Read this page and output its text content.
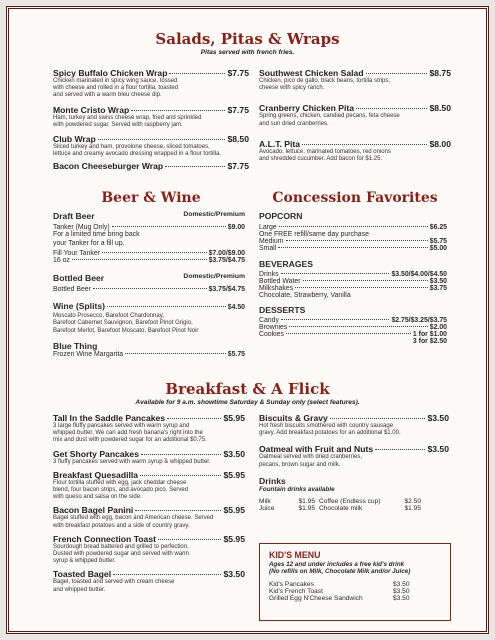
Salads, Pitas & Wraps
Pitas served with french fries.
Spicy Buffalo Chicken Wrap	$7.75
Chicken marinated in spicy wing sauce, tossed
with cheese and rolled in a flour tortilla, toasted
and served with a warm bleu cheese dip.
Monte Cristo Wrap	$7.75
Ham, turkey and swiss cheese wrap, fried and sprinkled
with powdered sugar. Served with raspberry jam.
Club Wrap	$8.50
Sliced turkey and ham, provolone cheese, sliced tomatoes,
lettuce and creamy avocado dressing wrapped in a flour tortilla.
Bacon Cheeseburger Wrap	$7.75
Southwest Chicken Salad	$8.75
Chicken, pico de gallo, black beans, tortilla strips,
cheese with spicy ranch.
Cranberry Chicken Pita	$8.50
Spring greens, chicken, candied pecans, feta cheese
and sun dried cranberries.
A.L.T. Pita	$8.00
Avocado, lettuce, marinated tomatoes, red onions
and shredded cucumber. Add bacon for $1.25.
Beer & Wine
Draft Beer	Domestic/Premium
Tanker (Mug Only)	$9.00
For a limited time bring back
your Tanker for a fill up.
Fill Your Tanker	$7.00/$9.00
16 oz	$3.75/$4.75
Bottled Beer	Domestic/Premium
Bottled Beer	$3.75/$4.75
Wine (Splits)	$4.50
Moscato Prosecco, Barefoot Chardonnay,
Barefoot Cabernet Sauvignon, Barefoot Pinot Grigio,
Barefoot Merlot, Barefoot Moscato, Barefoot Pinot Noir
Blue Thing
Frozen Wine Margarita	$5.75
Concession Favorites
POPCORN
Large	$6.25
One FREE refill/same day purchase
Medium	$5.75
Small	$5.00
BEVERAGES
Drinks	$3.50/$4.00/$4.50
Bottled Water	$3.50
Milkshakes	$3.75
Chocolate, Strawberry, Vanilla
DESSERTS
Candy	$2.75/$3.25/$3.75
Brownies	$2.00
Cookies	1 for $1.00
3 for $2.50
Breakfast & A Flick
Available for 9 a.m. showtime Saturday & Sunday only (select features).
Tall In the Saddle Pancakes	$5.95
3 large fluffy pancakes served with warm syrup and
whipped butter. We can add fresh banana's right into the
mix and dust with powdered sugar for an additional $0.75.
Get Shorty Pancakes	$3.50
3 fluffy pancakes served with warm syrup & whipped butter.
Breakfast Quesadilla	$5.95
Flour tortilla stuffed with egg, jack cheddar cheese
blend, four bacon strips, and avocado pico. Served
with queso and salsa on the side.
Bacon Bagel Panini	$5.95
Bagel stuffed with egg, bacon and American cheese. Served
with breakfast potatoes and a side of country gravy.
French Connection Toast	$5.95
Sourdough bread battered and grilled to perfection.
Dusted with powdered sugar and served with warm
syrup & whipped butter.
Toasted Bagel	$3.50
Bagel, toasted and served with cream cheese
and whipped butter.
Biscuits & Gravy	$3.50
Hot fresh biscuits smothered with country sausage
gravy. Add breakfast potatoes for an additional $1.00.
Oatmeal with Fruit and Nuts	$3.50
Oatmeal served with dried cranberries,
pecans, brown sugar and milk.
Drinks
Fountain drinks available
Milk	$1.95 Coffee (Endless cup)	$2.50
Juice	$1.95 Chocolate milk	$1.95
KID'S MENU
Ages 12 and under includes a free kid's drink
(No refills on Milk, Chocolate Milk and/or Juice)
Kid's Pancakes	$3.50
Kid's French Toast	$3.50
Grilled Egg N'Cheese Sandwich	$3.50
